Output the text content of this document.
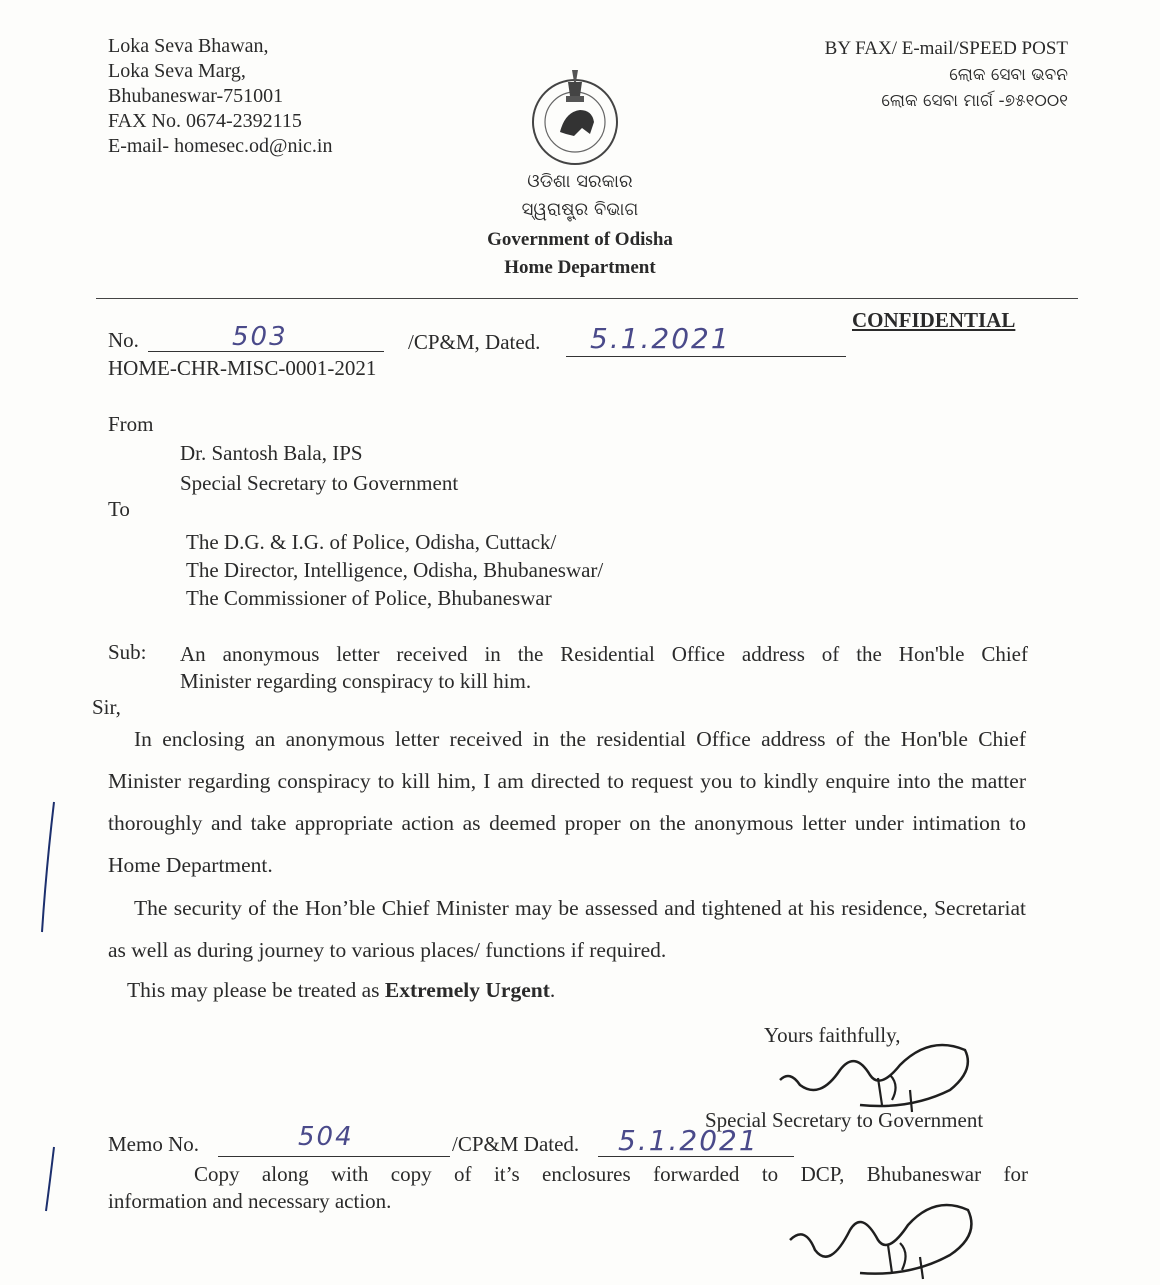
Loka Seva Bhawan,
Loka Seva Marg,
Bhubaneswar-751001
FAX No. 0674-2392115
E-mail- homesec.od@nic.in
BY FAX/ E-mail/SPEED POST
ଲୋକ ସେବା ଭବନ
ଲୋକ ସେବା ମାର୍ଗ -୭୫୧୦୦୧
ଓଡିଶା ସରକାର
ସ୍ୱରାଷ୍ଟ୍ର ବିଭାଗ
Government of Odisha
Home Department
CONFIDENTIAL
No.	503	/CP&M, Dated. 5.1.2021
HOME-CHR-MISC-0001-2021
From
Dr. Santosh Bala, IPS
Special Secretary to Government
To
The D.G. & I.G. of Police, Odisha, Cuttack/
The Director, Intelligence, Odisha, Bhubaneswar/
The Commissioner of Police, Bhubaneswar
Sub: An anonymous letter received in the Residential Office address of the Hon'ble Chief
Minister regarding conspiracy to kill him.
Sir,
In enclosing an anonymous letter received in the residential Office address of the Hon'ble Chief Minister regarding conspiracy to kill him, I am directed to request you to kindly enquire into the matter thoroughly and take appropriate action as deemed proper on the anonymous letter under intimation to Home Department.
The security of the Hon’ble Chief Minister may be assessed and tightened at his residence, Secretariat as well as during journey to various places/ functions if required.
This may please be treated as Extremely Urgent.
Yours faithfully,
Special Secretary to Government
Memo No.	504	/CP&M Dated. 5.1.2021
Copy along with copy of it’s enclosures forwarded to DCP, Bhubaneswar for
information and necessary action.
